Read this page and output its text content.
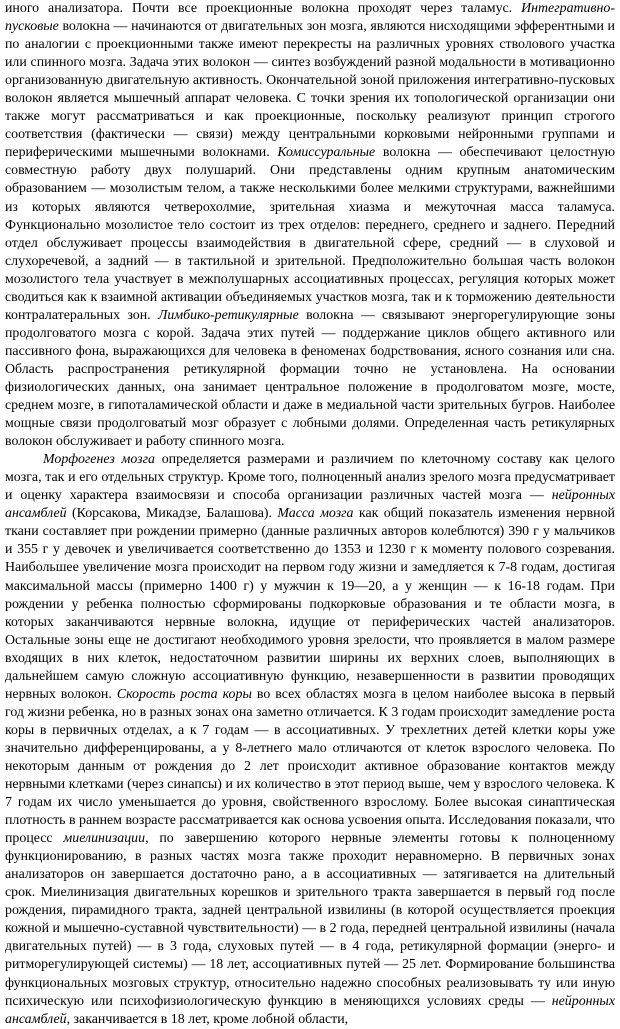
иного анализатора. Почти все проекционные волокна проходят через таламус. Интегративно-пусковые волокна — начинаются от двигательных зон мозга, являются нисходящими эфферентными и по аналогии с проекционными также имеют перекресты на различных уровнях стволового участка или спинного мозга. Задача этих волокон — синтез возбуждений разной модальности в мотивационно организованную двигательную активность. Окончательной зоной приложения интегративно-пусковых волокон является мышечный аппарат человека. С точки зрения их топологической организации они также могут рассматриваться и как проекционные, поскольку реализуют принцип строгого соответствия (фактически — связи) между центральными корковыми нейронными группами и периферическими мышечными волокнами. Комиссуральные волокна — обеспечивают целостную совместную работу двух полушарий. Они представлены одним крупным анатомическим образованием — мозолистым телом, а также несколькими более мелкими структурами, важнейшими из которых являются четверохолмие, зрительная хиазма и межуточная масса таламуса. Функционально мозолистое тело состоит из трех отделов: переднего, среднего и заднего. Передний отдел обслуживает процессы взаимодействия в двигательной сфере, средний — в слуховой и слухоречевой, а задний — в тактильной и зрительной. Предположительно большая часть волокон мозолистого тела участвует в межполушарных ассоциативных процессах, регуляция которых может сводиться как к взаимной активации объединяемых участков мозга, так и к торможению деятельности контралатеральных зон. Лимбико-ретикулярные волокна — связывают энергорегулирующие зоны продолговатого мозга с корой. Задача этих путей — поддержание циклов общего активного или пассивного фона, выражающихся для человека в феноменах бодрствования, ясного сознания или сна. Область распространения ретикулярной формации точно не установлена. На основании физиологических данных, она занимает центральное положение в продолговатом мозге, мосте, среднем мозге, в гипоталамической области и даже в медиальной части зрительных бугров. Наиболее мощные связи продолговатый мозг образует с лобными долями. Определенная часть ретикулярных волокон обслуживает и работу спинного мозга.

Морфогенез мозга определяется размерами и различием по клеточному составу как целого мозга, так и его отдельных структур. Кроме того, полноценный анализ зрелого мозга предусматривает и оценку характера взаимосвязи и способа организации различных частей мозга — нейронных ансамблей (Корсакова, Микадзе, Балашова). Масса мозга как общий показатель изменения нервной ткани составляет при рождении примерно (данные различных авторов колеблются) 390 г у мальчиков и 355 г у девочек и увеличивается соответственно до 1353 и 1230 г к моменту полового созревания. Наибольшее увеличение мозга происходит на первом году жизни и замедляется к 7-8 годам, достигая максимальной массы (примерно 1400 г) у мужчин к 19—20, а у женщин — к 16-18 годам. При рождении у ребенка полностью сформированы подкорковые образования и те области мозга, в которых заканчиваются нервные волокна, идущие от периферических частей анализаторов. Остальные зоны еще не достигают необходимого уровня зрелости, что проявляется в малом размере входящих в них клеток, недостаточном развитии ширины их верхних слоев, выполняющих в дальнейшем самую сложную ассоциативную функцию, незавершенности в развитии проводящих нервных волокон. Скорость роста коры во всех областях мозга в целом наиболее высока в первый год жизни ребенка, но в разных зонах она заметно отличается. К 3 годам происходит замедление роста коры в первичных отделах, а к 7 годам — в ассоциативных. У трехлетних детей клетки коры уже значительно дифференцированы, а у 8-летнего мало отличаются от клеток взрослого человека. По некоторым данным от рождения до 2 лет происходит активное образование контактов между нервными клетками (через синапсы) и их количество в этот период выше, чем у взрослого человека. К 7 годам их число уменьшается до уровня, свойственного взрослому. Более высокая синаптическая плотность в раннем возрасте рассматривается как основа усвоения опыта. Исследования показали, что процесс миелинизации, по завершению которого нервные элементы готовы к полноценному функционированию, в разных частях мозга также проходит неравномерно. В первичных зонах анализаторов он завершается достаточно рано, а в ассоциативных — затягивается на длительный срок. Миелинизация двигательных корешков и зрительного тракта завершается в первый год после рождения, пирамидного тракта, задней центральной извилины (в которой осуществляется проекция кожной и мышечно-суставной чувствительности) — в 2 года, передней центральной извилины (начала двигательных путей) — в 3 года, слуховых путей — в 4 года, ретикулярной формации (энерго- и ритморегулирующей системы) — 18 лет, ассоциативных путей — 25 лет. Формирование большинства функциональных мозговых структур, относительно надежно способных реализовывать ту или иную психическую или психофизиологическую функцию в меняющихся условиях среды — нейронных ансамблей, заканчивается в 18 лет, кроме лобной области,
